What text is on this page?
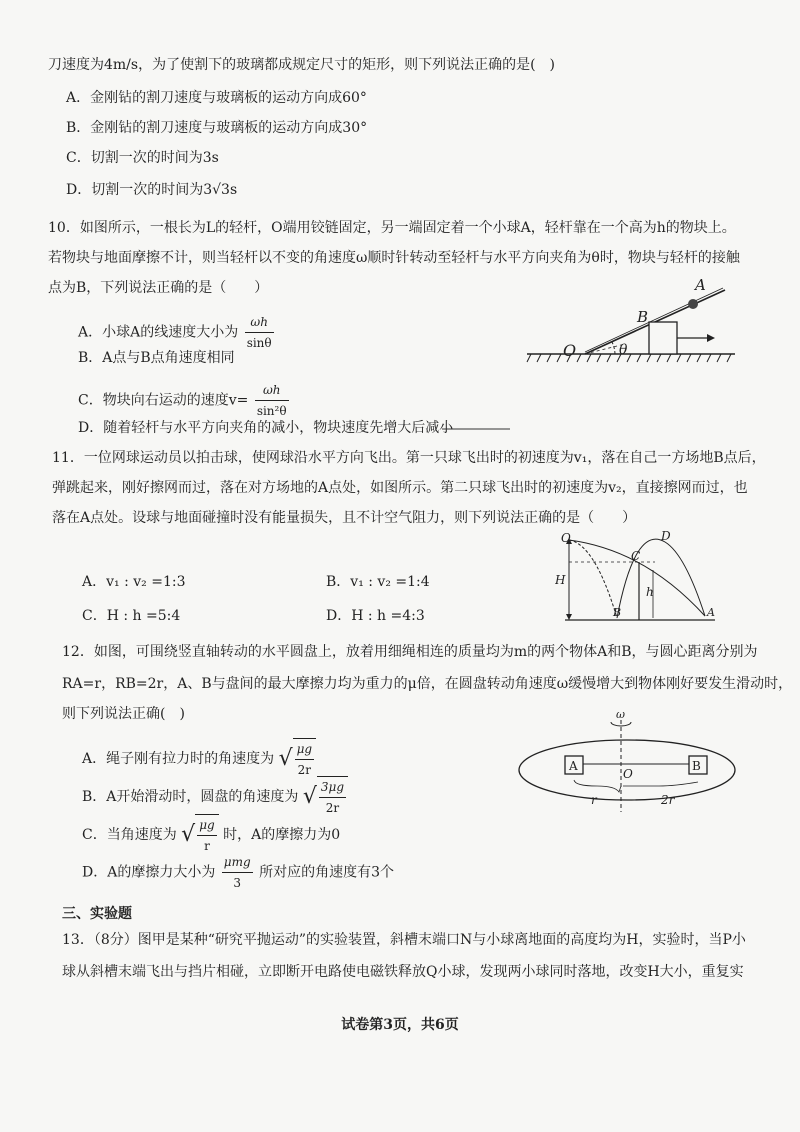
刀速度为4m/s，为了使割下的玻璃都成规定尺寸的矩形，则下列说法正确的是(　)
A．金刚钻的割刀速度与玻璃板的运动方向成60°
B．金刚钻的割刀速度与玻璃板的运动方向成30°
C．切割一次的时间为3s
D．切割一次的时间为3√3s
10．如图所示，一根长为L的轻杆，O端用铰链固定，另一端固定着一个小球A，轻杆靠在一个高为h的物块上。
若物块与地面摩擦不计，则当轻杆以不变的角速度ω顺时针转动至轻杆与水平方向夹角为θ时，物块与轻杆的接触
点为B，下列说法正确的是（　　）
A．小球A的线速度大小为 $\frac{\omega h}{\sin\theta}$
B．A点与B点角速度相同
C．物块向右运动的速度$v= \frac{\omega h}{\text{sin²θ}}$
D．随着轻杆与水平方向夹角的减小，物块速度先增大后减小
A
B
O	θ
11．一位网球运动员以拍击球，使网球沿水平方向飞出。第一只球飞出时的初速度为v₁，落在自己一方场地B点后，
弹跳起来，刚好擦网而过，落在对方场地的A点处，如图所示。第二只球飞出时的初速度为v₂，直接擦网而过，也
落在A点处。设球与地面碰撞时没有能量损失，且不计空气阻力，则下列说法正确的是（　　）
A．v₁ : v₂ =1:3	B．v₁ : v₂ =1:4
C．H : h =5:4	D．H : h =4:3
O
C
D
H
h
B	A
12．如图，可围绕竖直轴转动的水平圆盘上，放着用细绳相连的质量均为m的两个物体A和B，与圆心距离分别为
RA=r，RB=2r，A、B与盘间的最大摩擦力均为重力的μ倍，在圆盘转动角速度ω缓慢增大到物体刚好要发生滑动时，
则下列说法正确(　)
A．绳子刚有拉力时的角速度为 √ $\frac{\mu g}{2r}$
B．A开始滑动时，圆盘的角速度为 √ $\frac{3\mu g}{2r}$
C．当角速度为 √ $\frac{\mu g}{r}$ 时，A的摩擦力为0
D．A的摩擦力大小为 $\frac{\text{μmg}}{3}$ 所对应的角速度有3个
ω
A	B
O
r	2r
三、实验题
13．（8分）图甲是某种“研究平抛运动”的实验装置，斜槽末端口N与小球离地面的高度均为H，实验时，当P小
球从斜槽末端飞出与挡片相碰，立即断开电路使电磁铁释放Q小球，发现两小球同时落地，改变H大小，重复实
试卷第3页，共6页
